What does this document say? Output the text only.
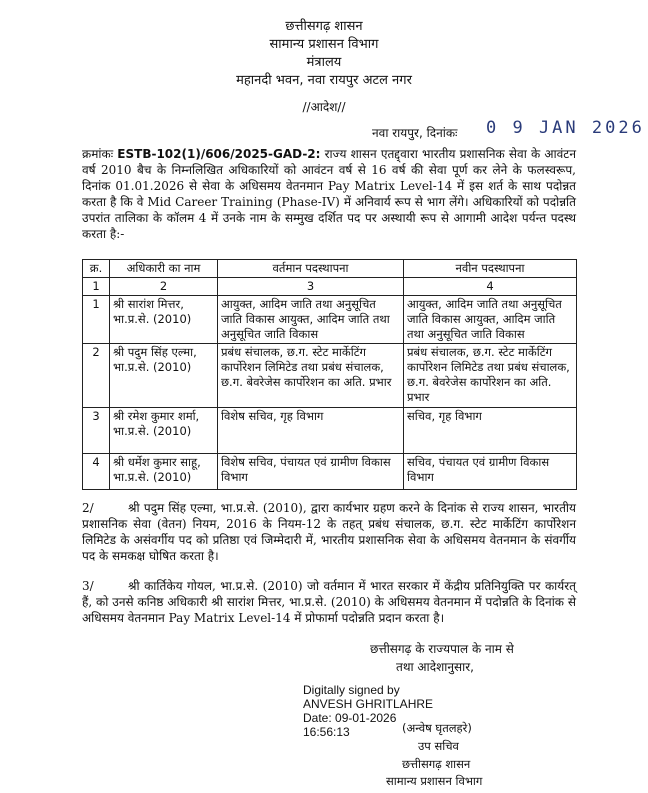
छत्तीसगढ़ शासन
सामान्य प्रशासन विभाग
मंत्रालय
महानदी भवन, नवा रायपुर अटल नगर
//आदेश//
नवा रायपुर, दिनांकः 0 9 JAN 2026
क्रमांकः ESTB-102(1)/606/2025-GAD-2: राज्य शासन एतद्द्वारा भारतीय प्रशासनिक सेवा के आवंटन वर्ष 2010 बैच के निम्नलिखित अधिकारियों को आवंटन वर्ष से 16 वर्ष की सेवा पूर्ण कर लेने के फलस्वरूप, दिनांक 01.01.2026 से सेवा के अधिसमय वेतनमान Pay Matrix Level-14 में इस शर्त के साथ पदोन्नत करता है कि वे Mid Career Training (Phase-IV) में अनिवार्य रूप से भाग लेंगे। अधिकारियों को पदोन्नति उपरांत तालिका के कॉलम 4 में उनके नाम के सम्मुख दर्शित पद पर अस्थायी रूप से आगामी आदेश पर्यन्त पदस्थ करता है:-
क्र.	अधिकारी का नाम	वर्तमान पदस्थापना	नवीन पदस्थापना
1	2	3	4
1	श्री सारांश मित्तर, भा.प्र.से. (2010)	आयुक्त, आदिम जाति तथा अनुसूचित जाति विकास आयुक्त, आदिम जाति तथा अनुसूचित जाति विकास	आयुक्त, आदिम जाति तथा अनुसूचित जाति विकास आयुक्त, आदिम जाति तथा अनुसूचित जाति विकास
2	श्री पदुम सिंह एल्मा, भा.प्र.से. (2010)	प्रबंध संचालक, छ.ग. स्टेट मार्केटिंग कार्पोरेशन लिमिटेड तथा प्रबंध संचालक, छ.ग. बेवरेजेस कार्पोरेशन का अति. प्रभार	प्रबंध संचालक, छ.ग. स्टेट मार्केटिंग कार्पोरेशन लिमिटेड तथा प्रबंध संचालक, छ.ग. बेवरेजेस कार्पोरेशन का अति. प्रभार
3	श्री रमेश कुमार शर्मा, भा.प्र.से. (2010)	विशेष सचिव, गृह विभाग	सचिव, गृह विभाग
4	श्री धर्मेश कुमार साहू, भा.प्र.से. (2010)	विशेष सचिव, पंचायत एवं ग्रामीण विकास विभाग	सचिव, पंचायत एवं ग्रामीण विकास विभाग
2/	श्री पदुम सिंह एल्मा, भा.प्र.से. (2010), द्वारा कार्यभार ग्रहण करने के दिनांक से राज्य शासन, भारतीय प्रशासनिक सेवा (वेतन) नियम, 2016 के नियम-12 के तहत् प्रबंध संचालक, छ.ग. स्टेट मार्केटिंग कार्पोरेशन लिमिटेड के असंवर्गीय पद को प्रतिष्ठा एवं जिम्मेदारी में, भारतीय प्रशासनिक सेवा के अधिसमय वेतनमान के संवर्गीय पद के समकक्ष घोषित करता है।
3/	श्री कार्तिकेय गोयल, भा.प्र.से. (2010) जो वर्तमान में भारत सरकार में केंद्रीय प्रतिनियुक्ति पर कार्यरत् हैं, को उनसे कनिष्ठ अधिकारी श्री सारांश मित्तर, भा.प्र.से. (2010) के अधिसमय वेतनमान में पदोन्नति के दिनांक से अधिसमय वेतनमान Pay Matrix Level-14 में प्रोफार्मा पदोन्नति प्रदान करता है।
छत्तीसगढ़ के राज्यपाल के नाम से
तथा आदेशानुसार,
Digitally signed by
ANVESH GHRITLAHRE
Date: 09-01-2026
16:56:13	(अन्वेष घृतलहरे)
उप सचिव
छत्तीसगढ़ शासन
सामान्य प्रशासन विभाग
